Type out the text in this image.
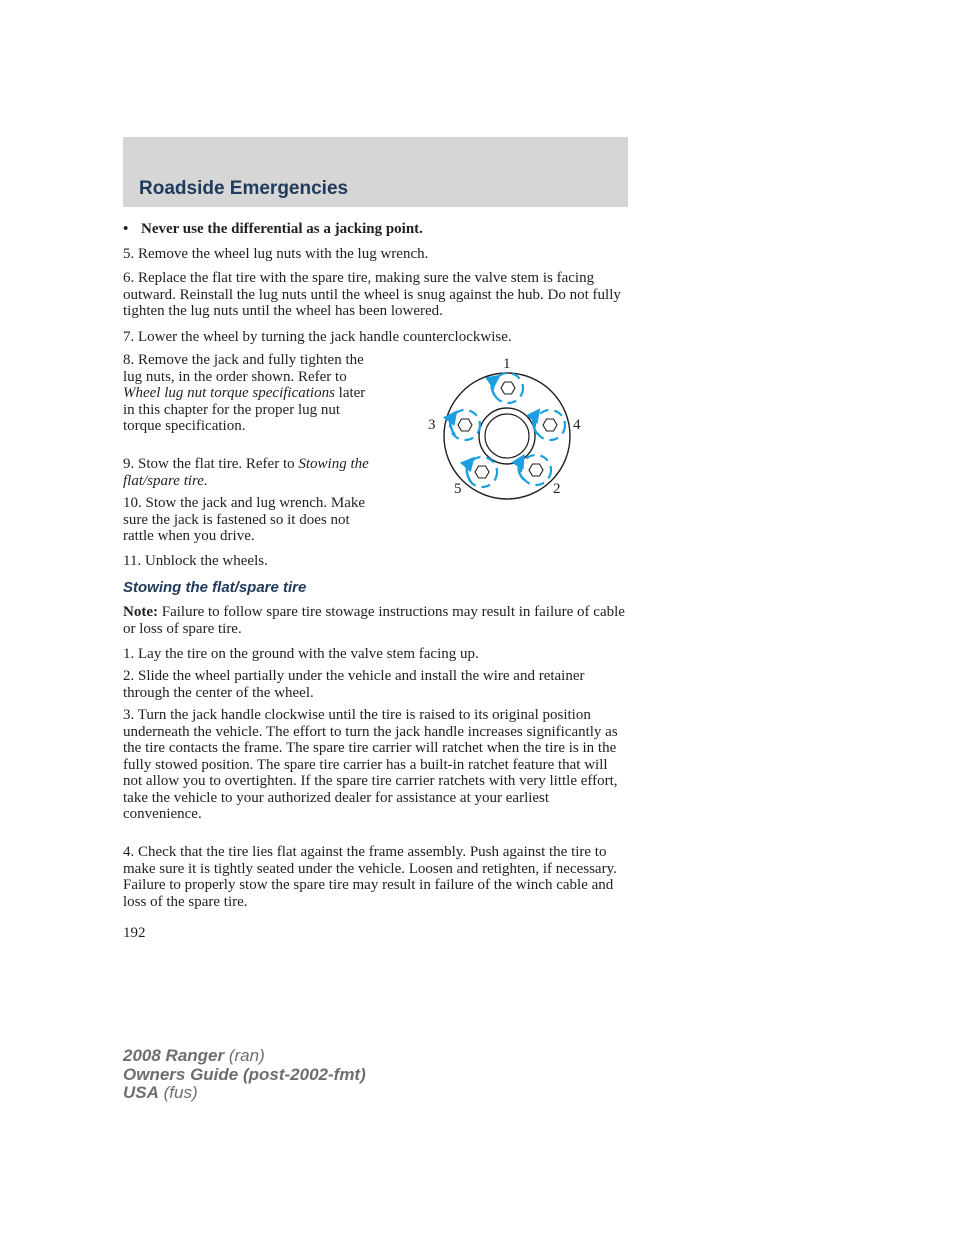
Roadside Emergencies

• Never use the differential as a jacking point.

5. Remove the wheel lug nuts with the lug wrench.

6. Replace the flat tire with the spare tire, making sure the valve stem is facing outward. Reinstall the lug nuts until the wheel is snug against the hub. Do not fully tighten the lug nuts until the wheel has been lowered.

7. Lower the wheel by turning the jack handle counterclockwise.

8. Remove the jack and fully tighten the lug nuts, in the order shown. Refer to Wheel lug nut torque specifications later in this chapter for the proper lug nut torque specification.

9. Stow the flat tire. Refer to Stowing the flat/spare tire.

10. Stow the jack and lug wrench. Make sure the jack is fastened so it does not rattle when you drive.

11. Unblock the wheels.

Stowing the flat/spare tire

Note: Failure to follow spare tire stowage instructions may result in failure of cable or loss of spare tire.

1. Lay the tire on the ground with the valve stem facing up.

2. Slide the wheel partially under the vehicle and install the wire and retainer through the center of the wheel.

3. Turn the jack handle clockwise until the tire is raised to its original position underneath the vehicle. The effort to turn the jack handle increases significantly as the tire contacts the frame. The spare tire carrier will ratchet when the tire is in the fully stowed position. The spare tire carrier has a built-in ratchet feature that will not allow you to overtighten. If the spare tire carrier ratchets with very little effort, take the vehicle to your authorized dealer for assistance at your earliest convenience.

4. Check that the tire lies flat against the frame assembly. Push against the tire to make sure it is tightly seated under the vehicle. Loosen and retighten, if necessary. Failure to properly stow the spare tire may result in failure of the winch cable and loss of the spare tire.

192
2008 Ranger (ran)
Owners Guide (post-2002-fmt)
USA (fus)
1
3	4
5	2
